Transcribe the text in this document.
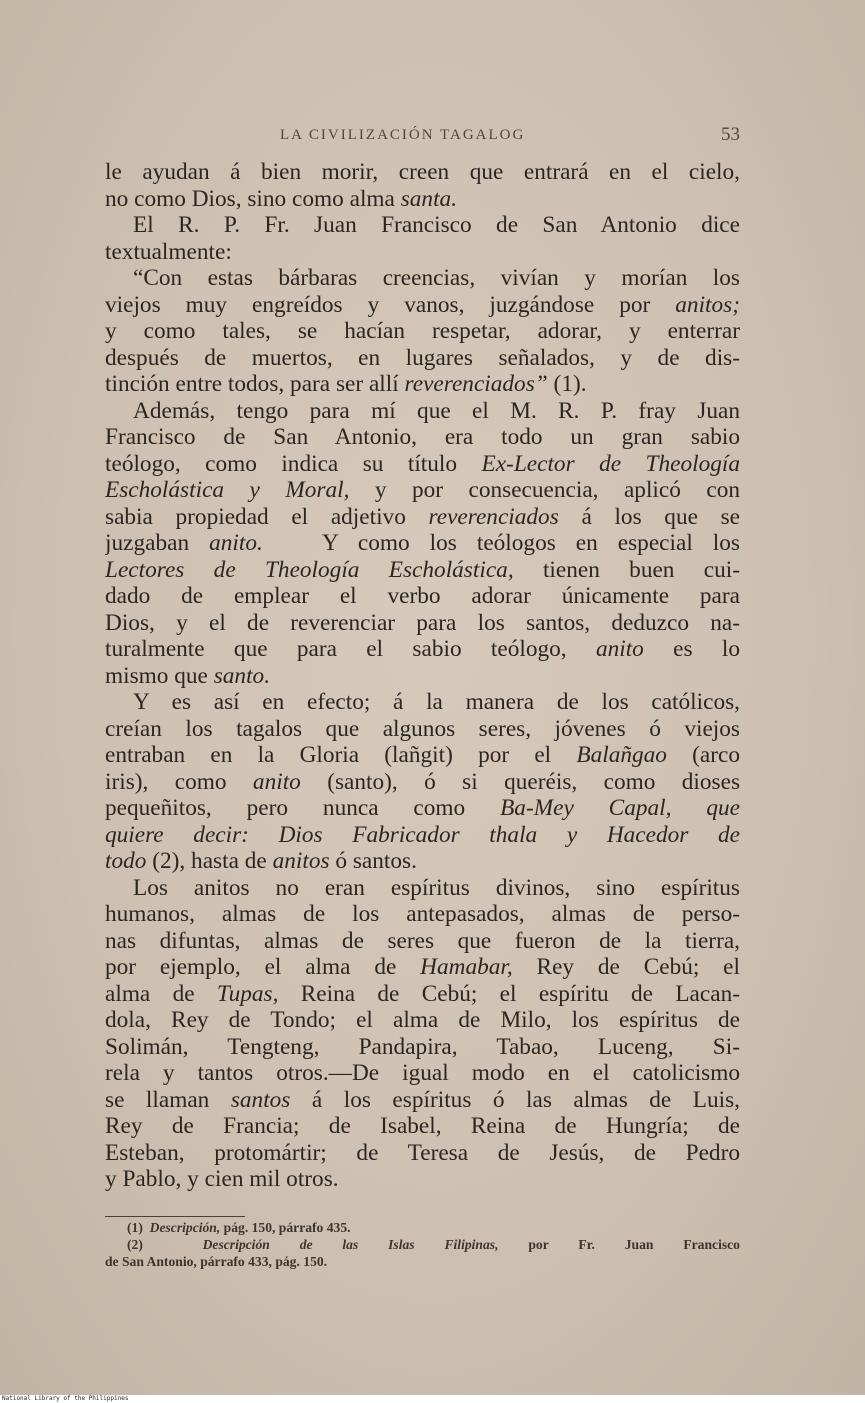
LA CIVILIZACIÓN TAGALOG	53
le ayudan á bien morir, creen que entrará en el cielo,
no como Dios, sino como alma santa.
El R. P. Fr. Juan Francisco de San Antonio dice
textualmente:
“Con estas bárbaras creencias, vivían y morían los
viejos muy engreídos y vanos, juzgándose por anitos;
y como tales, se hacían respetar, adorar, y enterrar
después de muertos, en lugares señalados, y de dis-
tinción entre todos, para ser allí reverenciados” (1).
Además, tengo para mí que el M. R. P. fray Juan
Francisco de San Antonio, era todo un gran sabio
teólogo, como indica su título Ex-Lector de Theología
Escholástica y Moral, y por consecuencia, aplicó con
sabia propiedad el adjetivo reverenciados á los que se
juzgaban anito.   Y como los teólogos en especial los
Lectores de Theología Escholástica, tienen buen cui-
dado de emplear el verbo adorar únicamente para
Dios, y el de reverenciar para los santos, deduzco na-
turalmente que para el sabio teólogo, anito es lo
mismo que santo.
Y es así en efecto; á la manera de los católicos,
creían los tagalos que algunos seres, jóvenes ó viejos
entraban en la Gloria (lañgit) por el Balañgao (arco
iris), como anito (santo), ó si queréis, como dioses
pequeñitos, pero nunca como Ba-Mey Capal, que
quiere decir: Dios Fabricador thala y Hacedor de
todo (2), hasta de anitos ó santos.
Los anitos no eran espíritus divinos, sino espíritus
humanos, almas de los antepasados, almas de perso-
nas difuntas, almas de seres que fueron de la tierra,
por ejemplo, el alma de Hamabar, Rey de Cebú; el
alma de Tupas, Reina de Cebú; el espíritu de Lacan-
dola, Rey de Tondo; el alma de Milo, los espíritus de
Solimán, Tengteng, Pandapira, Tabao, Luceng, Si-
rela y tantos otros.—De igual modo en el catolicismo
se llaman santos á los espíritus ó las almas de Luis,
Rey de Francia; de Isabel, Reina de Hungría; de
Esteban, protomártir; de Teresa de Jesús, de Pedro
y Pablo, y cien mil otros.
(1)  Descripción, pág. 150, párrafo 435.
(2)  Descripción de las Islas Filipinas, por Fr. Juan Francisco
de San Antonio, párrafo 433, pág. 150.
National Library of the Philippines
